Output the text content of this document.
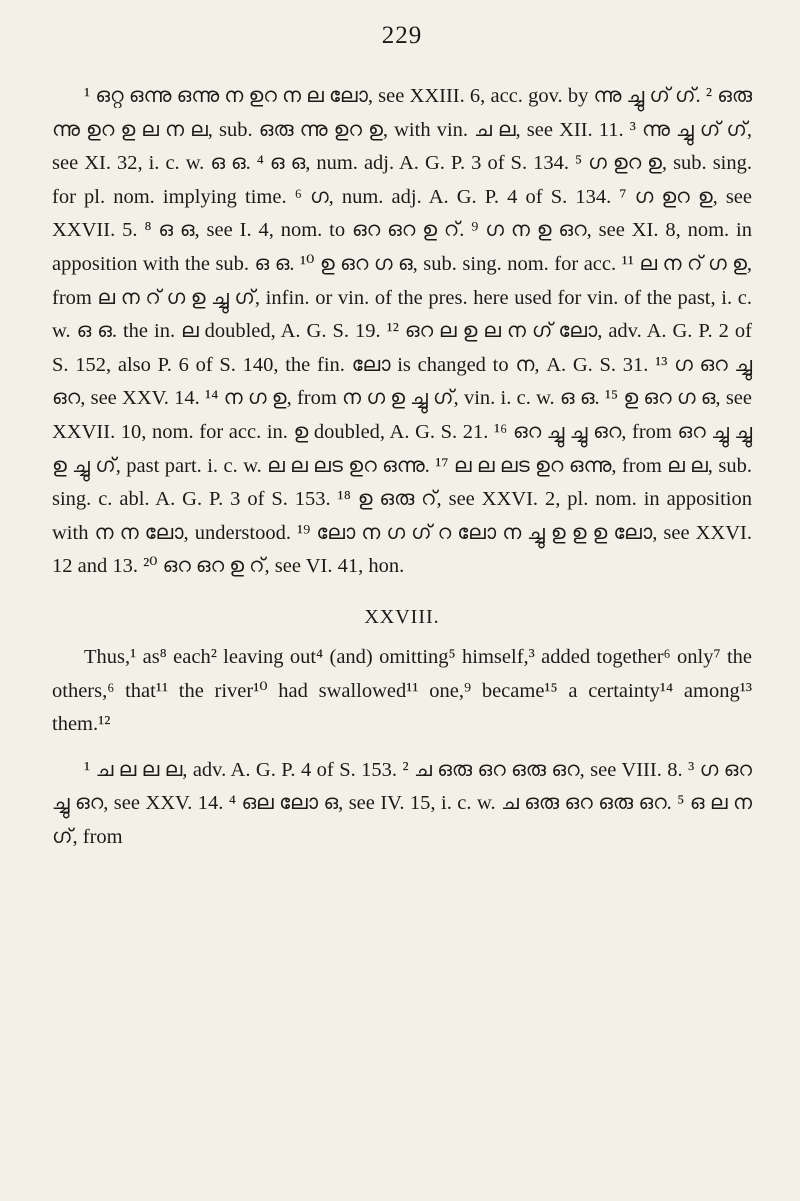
229

¹ ഒറ്റ ഒന്നു ഒന്നു ന ഉറ ന ല ലോ, see XXIII. 6, acc. gov. by ന്നു ച്ചു ഗ് ഗ്. ² ഒരു ന്നു ഉറ ഉ ല ന ല, sub. ഒരു ന്നു ഉറ ഉ, with vin. ച ല, see XII. 11. ³ ന്നു ച്ചു ഗ് ഗ്, see XI. 32, i. c. w. ഒ ഒ. ⁴ ഒ ഒ, num. adj. A. G. P. 3 of S. 134. ⁵ ഗ ഉറ ഉ, sub. sing. for pl. nom. implying time. ⁶ ഗ, num. adj. A. G. P. 4 of S. 134. ⁷ ഗ ഉറ ഉ, see XXVII. 5. ⁸ ഒ ഒ, see I. 4, nom. to ഒറ ഒറ ഉ റ്. ⁹ ഗ ന ഉ ഒറ, see XI. 8, nom. in apposition with the sub. ഒ ഒ. ¹⁰ ഉ ഒറ ഗ ഒ, sub. sing. nom. for acc. ¹¹ ല ന റ് ഗ ഉ, from ല ന റ് ഗ ഉ ച്ചു ഗ്, infin. or vin. of the pres. here used for vin. of the past, i. c. w. ഒ ഒ. the in. ല doubled, A. G. S. 19. ¹² ഒറ ല ഉ ല ന ഗ് ലോ, adv. A. G. P. 2 of S. 152, also P. 6 of S. 140, the fin. ലോ is changed to ന, A. G. S. 31. ¹³ ഗ ഒറ ച്ചു ഒറ, see XXV. 14. ¹⁴ ന ഗ ഉ, from ന ഗ ഉ ച്ചു ഗ്, vin. i. c. w. ഒ ഒ. ¹⁵ ഉ ഒറ ഗ ഒ, see XXVII. 10, nom. for acc. in. ഉ doubled, A. G. S. 21. ¹⁶ ഒറ ച്ചു ച്ചു ഒറ, from ഒറ ച്ചു ച്ചു ഉ ച്ചു ഗ്, past part. i. c. w. ല ല ലട ഉറ ഒന്നു. ¹⁷ ല ല ലട ഉറ ഒന്നു, from ല ല, sub. sing. c. abl. A. G. P. 3 of S. 153. ¹⁸ ഉ ഒരു റ്, see XXVI. 2, pl. nom. in apposition with ന ന ലോ, understood. ¹⁹ ലോ ന ഗ ഗ് റ ലോ ന ച്ചു ഉ ഉ ഉ ലോ, see XXVI. 12 and 13. ²⁰ ഒറ ഒറ ഉ റ്, see VI. 41, hon.

XXVIII.

Thus,¹ as⁸ each² leaving out⁴ (and) omitting⁵ himself,³ added together⁶ only⁷ the others,⁶ that¹¹ the river¹⁰ had swallowed¹¹ one,⁹ became¹⁵ a certainty¹⁴ among¹³ them.¹²

¹ ച ല ല ല, adv. A. G. P. 4 of S. 153. ² ച ഒരു ഒറ ഒരു ഒറ, see VIII. 8. ³ ഗ ഒറ ച്ചു ഒറ, see XXV. 14. ⁴ ഒല ലോ ഒ, see IV. 15, i. c. w. ച ഒരു ഒറ ഒരു ഒറ. ⁵ ഒ ല ന ഗ്, from
